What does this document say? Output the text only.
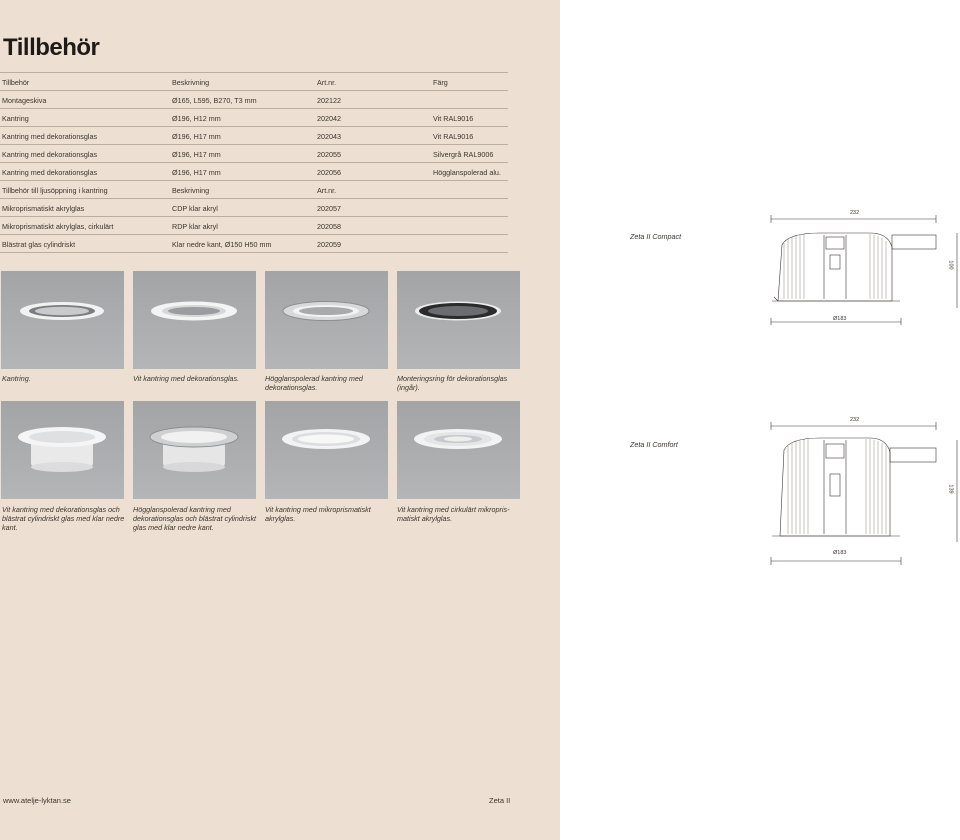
Tillbehör
Tillbehör	Beskrivning	Art.nr.	Färg
Montageskiva	Ø165, L595, B270, T3 mm	202122
Kantring	Ø196, H12 mm	202042	Vit RAL9016
Kantring med dekorationsglas	Ø196, H17 mm	202043	Vit RAL9016
Kantring med dekorationsglas	Ø196, H17 mm	202055	Silvergrå RAL9006
Kantring med dekorationsglas	Ø196, H17 mm	202056	Högglanspolerad alu.
Tillbehör till ljusöppning i kantring	Beskrivning	Art.nr.
Mikroprismatiskt akrylglas	CDP klar akryl	202057
Mikroprismatiskt akrylglas, cirkulärt	RDP klar akryl	202058
Blästrat glas cylindriskt	Klar nedre kant, Ø150 H50 mm	202059
Kantring.	Vit kantring med dekorationsglas.	Högglanspolerad kantring med dekorationsglas.
Monteringsring för dekorationsglas (ingår).
Vit kantring med dekorationsglas och blästrat cylindriskt glas med klar nedre kant.
Högglanspolerad kantring med dekorationsglas och blästrat cylindriskt glas med klar nedre kant.
Vit kantring med mikroprismatiskt akrylglas.
Vit kantring med cirkulärt mikropris-matiskt akrylglas.
Zeta II Compact
232
100
Ø183
Zeta II Comfort
232
139
Ø183
www.atelje-lyktan.se	Zeta II
